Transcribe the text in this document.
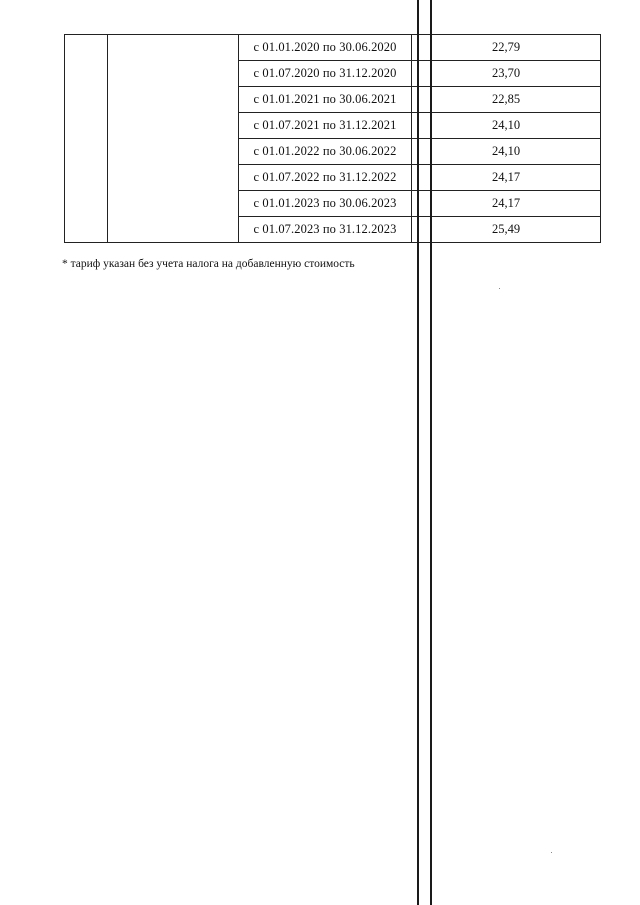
		с 01.01.2020 по 30.06.2020	22,79
		с 01.07.2020 по 31.12.2020	23,70
		с 01.01.2021 по 30.06.2021	22,85
		с 01.07.2021 по 31.12.2021	24,10
		с 01.01.2022 по 30.06.2022	24,10
		с 01.07.2022 по 31.12.2022	24,17
		с 01.01.2023 по 30.06.2023	24,17
		с 01.07.2023 по 31.12.2023	25,49
* тариф указан без учета налога на добавленную стоимость
